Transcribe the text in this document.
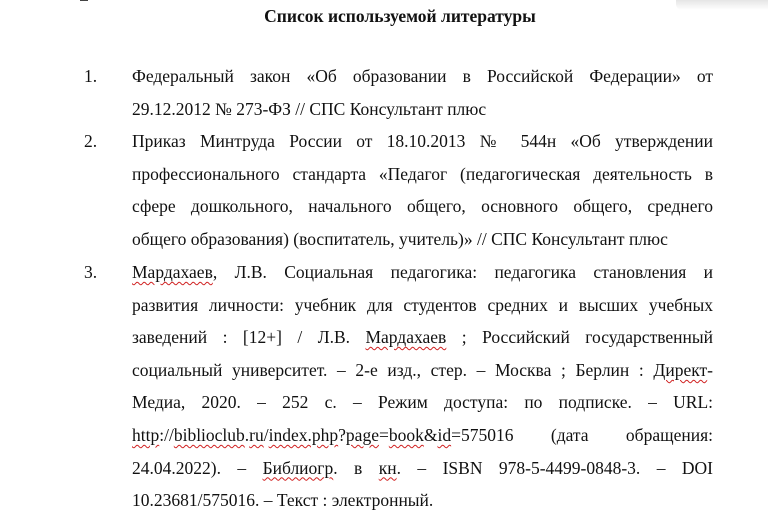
Список используемой литературы
1. Федеральный закон «Об образовании в Российской Федерации» от
29.12.2012 № 273-ФЗ // СПС Консультант плюс
2. Приказ Минтруда России от 18.10.2013 № 544н «Об утверждении
профессионального стандарта «Педагог (педагогическая деятельность в
сфере дошкольного, начального общего, основного общего, среднего
общего образования) (воспитатель, учитель)» // СПС Консультант плюс
3. Мардахаев, Л.В. Социальная педагогика: педагогика становления и
развития личности: учебник для студентов средних и высших учебных
заведений : [12+] / Л.В. Мардахаев ; Российский государственный
социальный университет. – 2-е изд., стер. – Москва ; Берлин : Директ-
Медиа, 2020. – 252 с. – Режим доступа: по подписке. – URL:
http://biblioclub.ru/index.php?page=book&id=575016 (дата обращения:
24.04.2022). – Библиогр. в кн. – ISBN 978-5-4499-0848-3. – DOI
10.23681/575016. – Текст : электронный.
